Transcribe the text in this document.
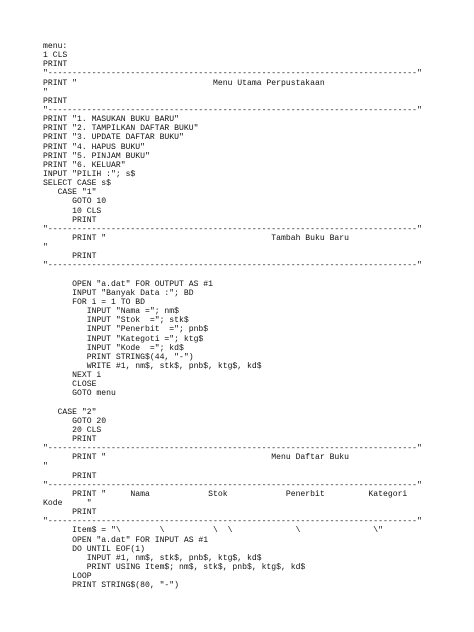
menu:
1 CLS
PRINT
"----------------------------------------------------------------------------"
PRINT "                            Menu Utama Perpustakaan
"
PRINT
"----------------------------------------------------------------------------"
PRINT "1. MASUKAN BUKU BARU"
PRINT "2. TAMPILKAN DAFTAR BUKU"
PRINT "3. UPDATE DAFTAR BUKU"
PRINT "4. HAPUS BUKU"
PRINT "5. PINJAM BUKU"
PRINT "6. KELUAR"
INPUT "PILIH :"; s$
SELECT CASE s$
CASE "1"
GOTO 10
10 CLS
PRINT
"----------------------------------------------------------------------------"
PRINT "                                  Tambah Buku Baru
"
PRINT
"----------------------------------------------------------------------------"
OPEN "a.dat" FOR OUTPUT AS #1
INPUT "Banyak Data :"; BD
FOR i = 1 TO BD
INPUT "Nama ="; nm$
INPUT "Stok  ="; stk$
INPUT "Penerbit  ="; pnb$
INPUT "Kategoti ="; ktg$
INPUT "Kode  ="; kd$
PRINT STRING$(44, "-")
WRITE #1, nm$, stk$, pnb$, ktg$, kd$
NEXT i
CLOSE
GOTO menu
CASE "2"
GOTO 20
20 CLS
PRINT
"----------------------------------------------------------------------------"
PRINT "                                  Menu Daftar Buku
"
PRINT
"----------------------------------------------------------------------------"
PRINT "     Nama            Stok            Penerbit         Kategori
Kode     "
PRINT
"----------------------------------------------------------------------------"
Item$ = "\        \          \  \             \               \"
OPEN "a.dat" FOR INPUT AS #1
DO UNTIL EOF(1)
INPUT #1, nm$, stk$, pnb$, ktg$, kd$
PRINT USING Item$; nm$, stk$, pnb$, ktg$, kd$
LOOP
PRINT STRING$(80, "-")
